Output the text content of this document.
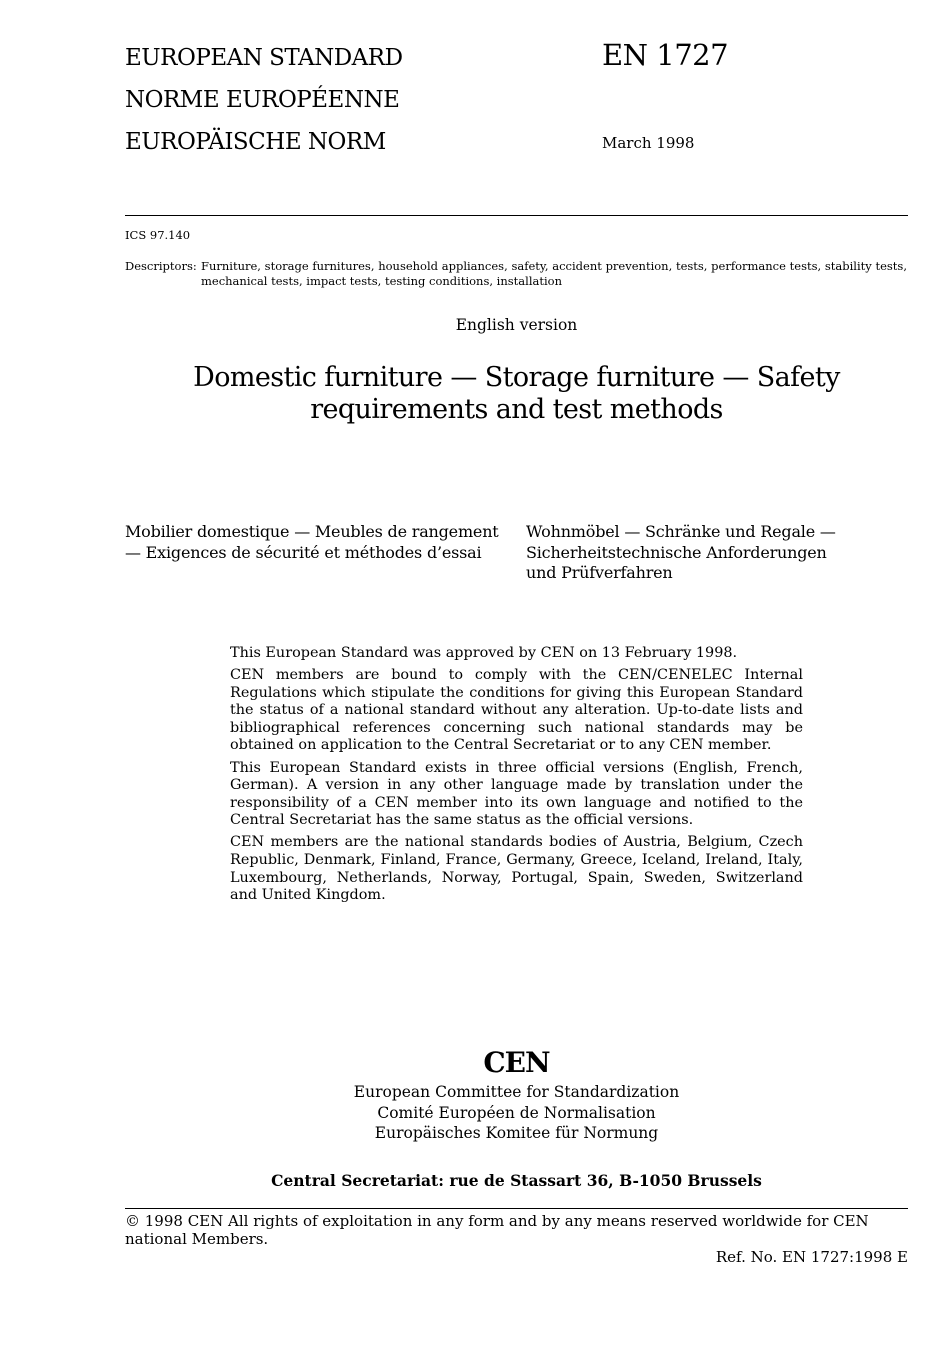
EUROPEAN STANDARD
NORME EUROPÉENNE
EUROPÄISCHE NORM
EN 1727
March 1998
ICS 97.140
Descriptors: Furniture, storage furnitures, household appliances, safety, accident prevention, tests, performance tests, stability tests, mechanical tests, impact tests, testing conditions, installation
English version
Domestic furniture — Storage furniture — Safety requirements and test methods
Mobilier domestique — Meubles de rangement — Exigences de sécurité et méthodes d’essai
Wohnmöbel — Schränke und Regale — Sicherheitstechnische Anforderungen und Prüfverfahren

This European Standard was approved by CEN on 13 February 1998.

CEN members are bound to comply with the CEN/CENELEC Internal Regulations which stipulate the conditions for giving this European Standard the status of a national standard without any alteration. Up-to-date lists and bibliographical references concerning such national standards may be obtained on application to the Central Secretariat or to any CEN member.

This European Standard exists in three official versions (English, French, German). A version in any other language made by translation under the responsibility of a CEN member into its own language and notified to the Central Secretariat has the same status as the official versions.

CEN members are the national standards bodies of Austria, Belgium, Czech Republic, Denmark, Finland, France, Germany, Greece, Iceland, Ireland, Italy, Luxembourg, Netherlands, Norway, Portugal, Spain, Sweden, Switzerland and United Kingdom.

CEN
European Committee for Standardization
Comité Européen de Normalisation
Europäisches Komitee für Normung
Central Secretariat: rue de Stassart 36, B-1050 Brussels
© 1998 CEN All rights of exploitation in any form and by any means reserved worldwide for CEN national Members.
Ref. No. EN 1727:1998 E
